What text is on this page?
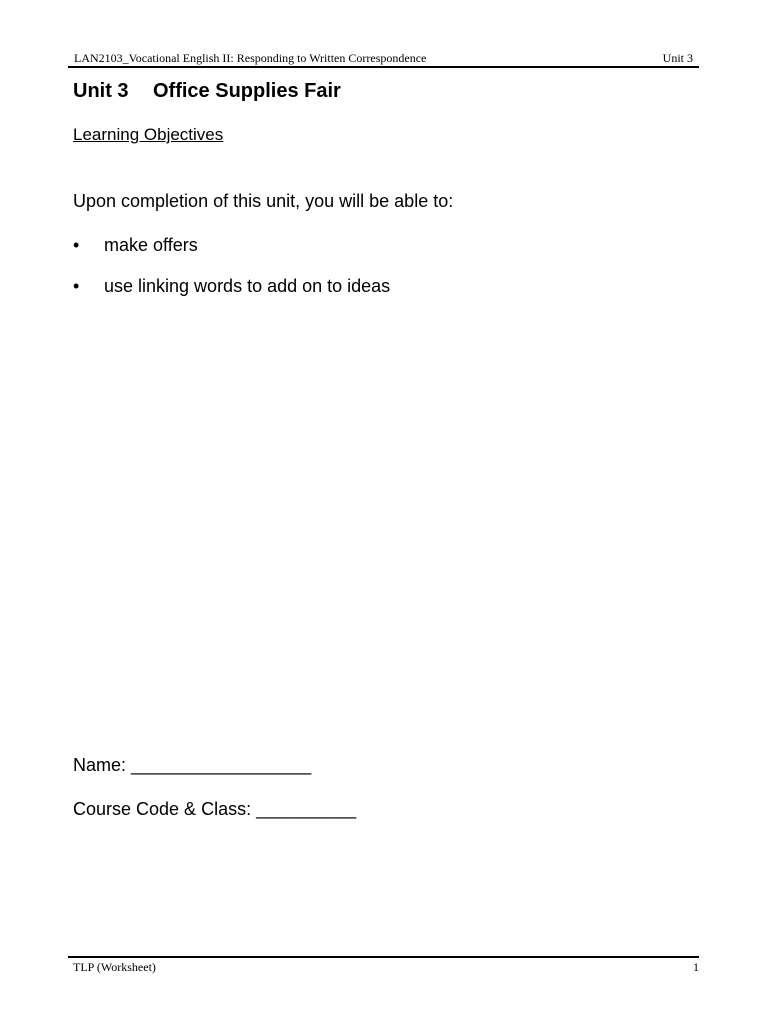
LAN2103_Vocational English II: Responding to Written Correspondence	Unit 3
Unit 3 Office Supplies Fair
Learning Objectives
Upon completion of this unit, you will be able to:
• make offers
• use linking words to add on to ideas
Name: __________________
Course Code & Class: __________
TLP (Worksheet)	1
